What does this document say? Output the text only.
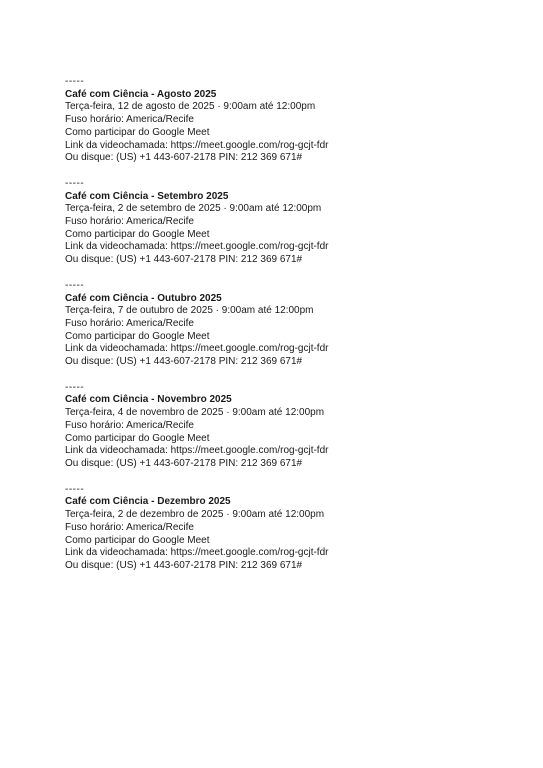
-----

Café com Ciência - Agosto 2025

Terça-feira, 12 de agosto de 2025 · 9:00am até 12:00pm

Fuso horário: America/Recife

Como participar do Google Meet

Link da videochamada: https://meet.google.com/rog-gcjt-fdr

Ou disque: (US) +1 443-607-2178 PIN: 212 369 671#

-----

Café com Ciência - Setembro 2025

Terça-feira, 2 de setembro de 2025 · 9:00am até 12:00pm

Fuso horário: America/Recife

Como participar do Google Meet

Link da videochamada: https://meet.google.com/rog-gcjt-fdr

Ou disque: (US) +1 443-607-2178 PIN: 212 369 671#

-----

Café com Ciência - Outubro 2025

Terça-feira, 7 de outubro de 2025 · 9:00am até 12:00pm

Fuso horário: America/Recife

Como participar do Google Meet

Link da videochamada: https://meet.google.com/rog-gcjt-fdr

Ou disque: (US) +1 443-607-2178 PIN: 212 369 671#

-----

Café com Ciência - Novembro 2025

Terça-feira, 4 de novembro de 2025 · 9:00am até 12:00pm

Fuso horário: America/Recife

Como participar do Google Meet

Link da videochamada: https://meet.google.com/rog-gcjt-fdr

Ou disque: (US) +1 443-607-2178 PIN: 212 369 671#

-----

Café com Ciência - Dezembro 2025

Terça-feira, 2 de dezembro de 2025 · 9:00am até 12:00pm

Fuso horário: America/Recife

Como participar do Google Meet

Link da videochamada: https://meet.google.com/rog-gcjt-fdr

Ou disque: (US) +1 443-607-2178 PIN: 212 369 671#
